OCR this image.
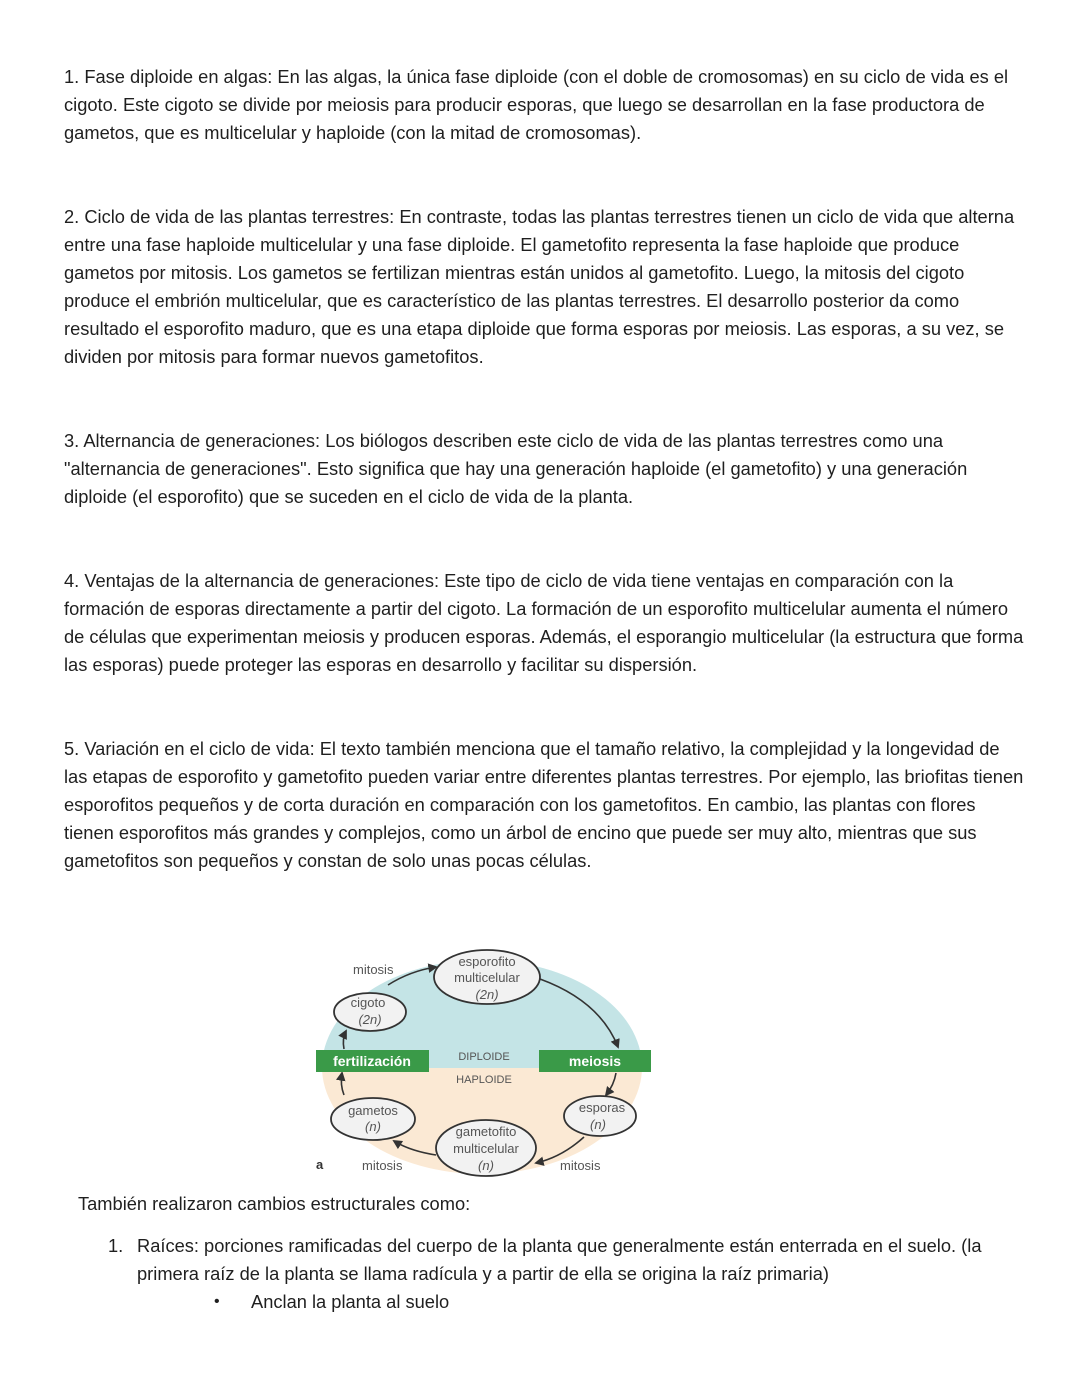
1. Fase diploide en algas: En las algas, la única fase diploide (con el doble de cromosomas) en su ciclo de vida es el cigoto. Este cigoto se divide por meiosis para producir esporas, que luego se desarrollan en la fase productora de gametos, que es multicelular y haploide (con la mitad de cromosomas).

2. Ciclo de vida de las plantas terrestres: En contraste, todas las plantas terrestres tienen un ciclo de vida que alterna entre una fase haploide multicelular y una fase diploide. El gametofito representa la fase haploide que produce gametos por mitosis. Los gametos se fertilizan mientras están unidos al gametofito. Luego, la mitosis del cigoto produce el embrión multicelular, que es característico de las plantas terrestres. El desarrollo posterior da como resultado el esporofito maduro, que es una etapa diploide que forma esporas por meiosis. Las esporas, a su vez, se dividen por mitosis para formar nuevos gametofitos.

3. Alternancia de generaciones: Los biólogos describen este ciclo de vida de las plantas terrestres como una "alternancia de generaciones". Esto significa que hay una generación haploide (el gametofito) y una generación diploide (el esporofito) que se suceden en el ciclo de vida de la planta.

4. Ventajas de la alternancia de generaciones: Este tipo de ciclo de vida tiene ventajas en comparación con la formación de esporas directamente a partir del cigoto. La formación de un esporofito multicelular aumenta el número de células que experimentan meiosis y producen esporas. Además, el esporangio multicelular (la estructura que forma las esporas) puede proteger las esporas en desarrollo y facilitar su dispersión.

5. Variación en el ciclo de vida: El texto también menciona que el tamaño relativo, la complejidad y la longevidad de las etapas de esporofito y gametofito pueden variar entre diferentes plantas terrestres. Por ejemplo, las briofitas tienen esporofitos pequeños y de corta duración en comparación con los gametofitos. En cambio, las plantas con flores tienen esporofitos más grandes y complejos, como un árbol de encino que puede ser muy alto, mientras que sus gametofitos son pequeños y constan de solo unas pocas células.

fertilización	meiosis
DIPLOIDE
HAPLOIDE
esporofito
multicelular
(2n)
cigoto
(2n)
mitosis
gametos
(n)	gametofito
multicelular
(n)
esporas
(n)
a	mitosis	mitosis

También realizaron cambios estructurales como:

1. Raíces: porciones ramificadas del cuerpo de la planta que generalmente están enterrada en el suelo. (la primera raíz de la planta se llama radícula y a partir de ella se origina la raíz primaria)
• Anclan la planta al suelo
